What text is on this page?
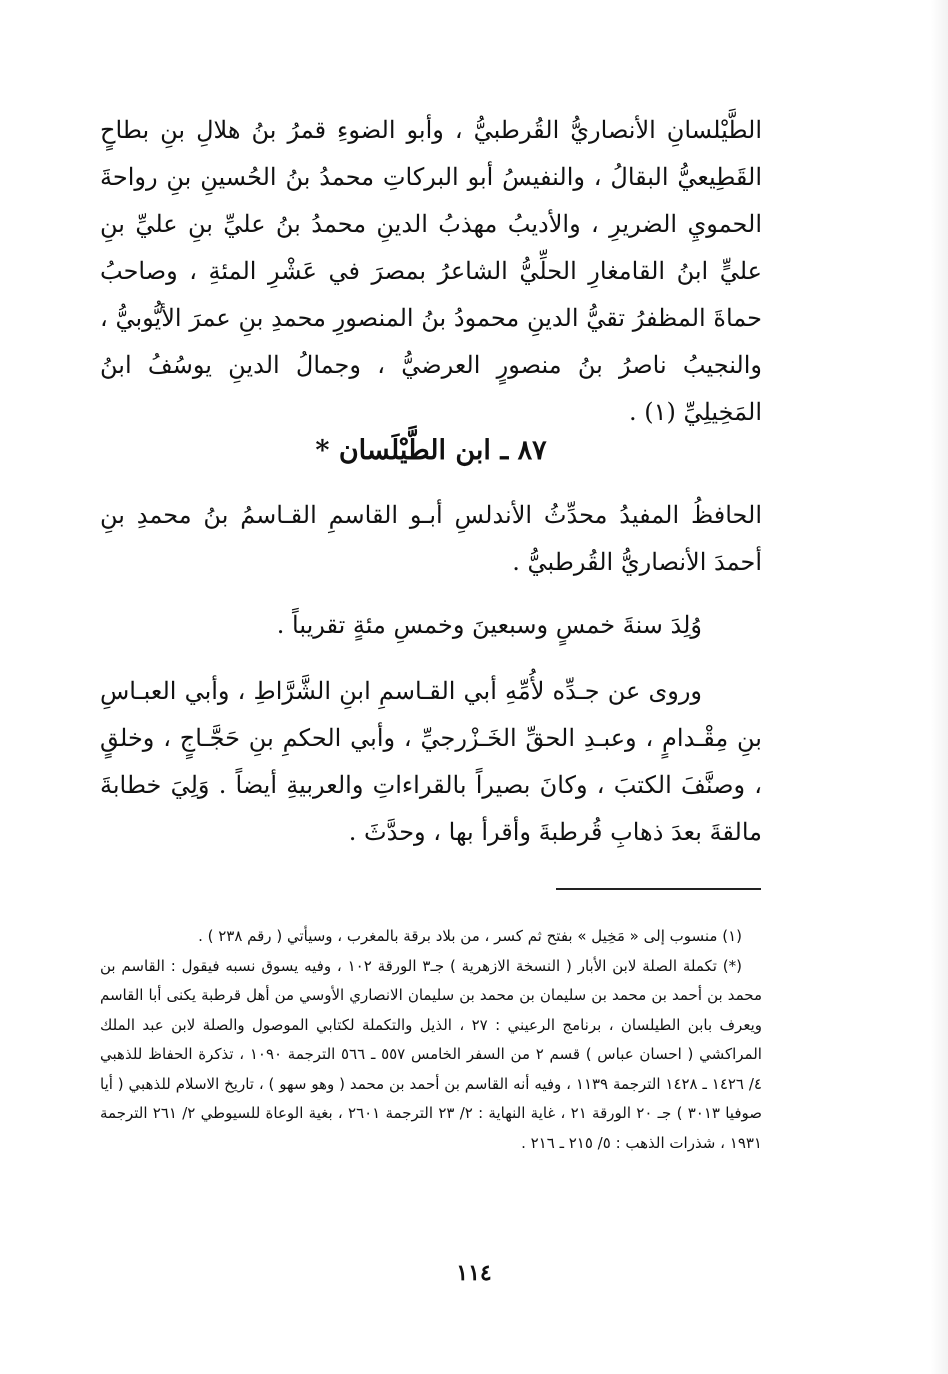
الطَّيْلسانِ الأنصاريُّ القُرطبيُّ ، وأبو الضوءِ قمرُ بنُ هلالِ بنِ بطاحٍ القَطِيعيُّ البقالُ ، والنفيسُ أبو البركاتِ محمدُ بنُ الحُسينِ بنِ رواحةَ الحمويِ الضريرِ ، والأديبُ مهذبُ الدينِ محمدُ بنُ عليِّ بنِ عليِّ بنِ عليٍّ ابنُ القامغارِ الحلِّيُّ الشاعرُ بمصرَ في عَشْرِ المئةِ ، وصاحبُ حماةَ المظفرُ تقيُّ الدينِ محمودُ بنُ المنصورِ محمدِ بنِ عمرَ الأيُّوبيُّ ، والنجيبُ ناصرُ بنُ منصورٍ العرضيُّ ، وجمالُ الدينِ يوسُفُ ابنُ المَخِيلِيِّ (١) .

٨٧ ـ ابن الطَّيْلَسان *

الحافظُ المفيدُ محدِّثُ الأندلسِ أبـو القاسمِ القـاسمُ بنُ محمدِ بنِ أحمدَ الأنصاريُّ القُرطبيُّ .

وُلِدَ سنةَ خمسٍ وسبعينَ وخمسِ مئةٍ تقريباً .

وروى عن جـدِّه لأُمِّهِ أبي القـاسمِ ابنِ الشَّرَّاطِ ، وأبي العبـاسِ بنِ مِقْـدامٍ ، وعبـدِ الحقِّ الخَـزْرجيِّ ، وأبي الحكمِ بنِ حَجَّـاجٍ ، وخلقٍ ، وصنَّفَ الكتبَ ، وكانَ بصيراً بالقراءاتِ والعربيةِ أيضاً . وَلِيَ خطابةَ مالقةَ بعدَ ذهابِ قُرطبةَ وأقرأ بها ، وحدَّثَ .

(١) منسوب إلى « مَخِيل » بفتح ثم كسر ، من بلاد برقة بالمغرب ، وسيأتي ( رقم ٢٣٨ ) .

(*) تكملة الصلة لابن الأبار ( النسخة الازهرية ) جـ٣ الورقة ١٠٢ ، وفيه يسوق نسبه فيقول : القاسم بن محمد بن أحمد بن محمد بن سليمان بن محمد بن سليمان الانصاري الأوسي من أهل قرطبة يكنى أبا القاسم ويعرف بابن الطيلسان ، برنامج الرعيني : ٢٧ ، الذيل والتكملة لكتابي الموصول والصلة لابن عبد الملك المراكشي ( احسان عباس ) قسم ٢ من السفر الخامس ٥٥٧ ـ ٥٦٦ الترجمة ١٠٩٠ ، تذكرة الحفاظ للذهبي ٤/ ١٤٢٦ ـ ١٤٢٨ الترجمة ١١٣٩ ، وفيه أنه القاسم بن أحمد بن محمد ( وهو سهو ) ، تاريخ الاسلام للذهبي ( أيا صوفيا ٣٠١٣ ) جـ ٢٠ الورقة ٢١ ، غاية النهاية : ٢/ ٢٣ الترجمة ٢٦٠١ ، بغية الوعاة للسيوطي ٢/ ٢٦١ الترجمة ١٩٣١ ، شذرات الذهب : ٥/ ٢١٥ ـ ٢١٦ .

١١٤
